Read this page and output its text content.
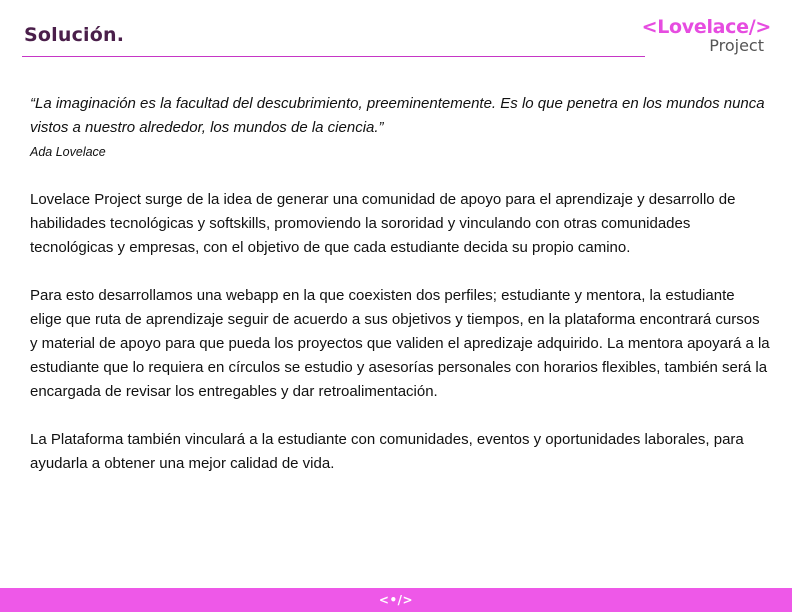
Solución.	<Lovelace/>
Project

“La imaginación es la facultad del descubrimiento, preeminentemente. Es lo que penetra en los mundos nunca vistos a nuestro alrededor, los mundos de la ciencia.”

Ada Lovelace

Lovelace Project surge de la idea de generar una comunidad de apoyo para el aprendizaje y desarrollo de habilidades tecnológicas y softskills, promoviendo la sororidad y vinculando con otras comunidades tecnológicas y empresas, con el objetivo de que cada estudiante decida su propio camino.

Para esto desarrollamos una webapp en la que coexisten dos perfiles; estudiante y mentora, la estudiante elige que ruta de aprendizaje seguir de acuerdo a sus objetivos y tiempos, en la plataforma encontrará cursos y material de apoyo para que pueda los proyectos que validen el apredizaje adquirido. La mentora apoyará a la estudiante que lo requiera en círculos se estudio y asesorías personales con horarios flexibles, también será la encargada de revisar los entregables y dar retroalimentación.

La Plataforma también vinculará a la estudiante con comunidades, eventos y oportunidades laborales, para ayudarla a obtener una mejor calidad de vida.

<•/>
